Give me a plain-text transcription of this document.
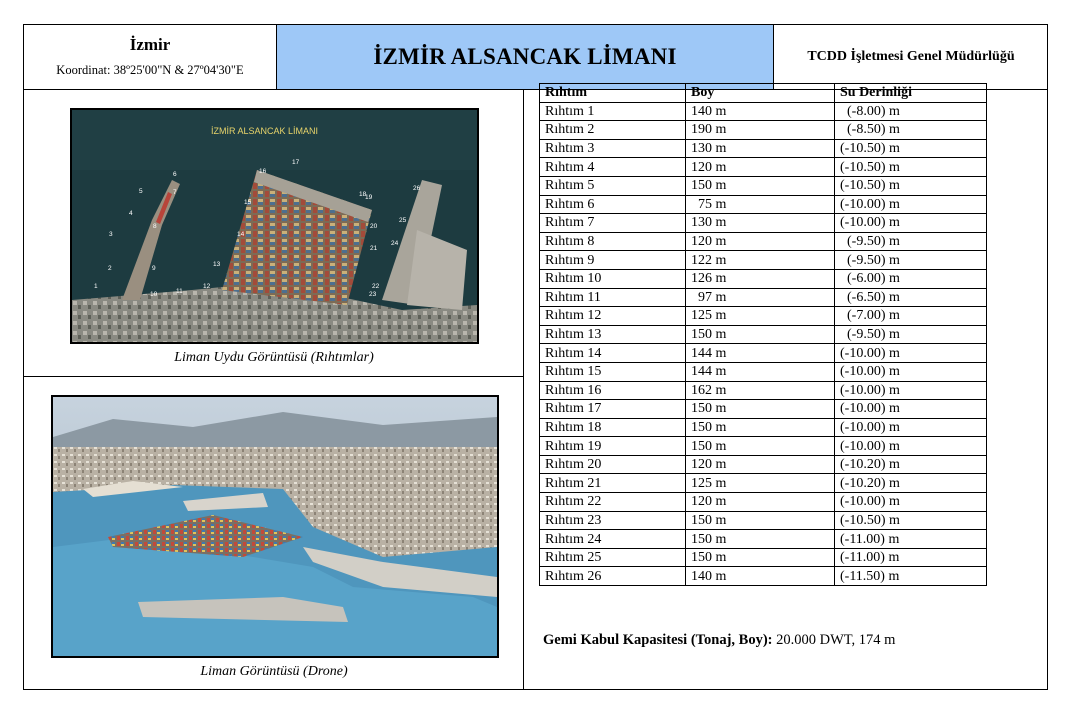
İzmir
Koordinat: 38º25'00"N & 27º04'30"E
İZMİR ALSANCAK LİMANI	TCDD İşletmesi Genel Müdürlüğü
İZMİR ALSANCAK LİMANI
1
2
3
4
5
6
7
8
9
10	11
12
13
14
15
16
17
18
19
20
21
22
23
24
25
26
Liman Uydu Görüntüsü (Rıhtımlar)
Liman Görüntüsü (Drone)
Gemi Kabul Kapasitesi (Tonaj, Boy): 20.000 DWT, 174 m
Rıhtım	Boy	Su Derinliği
Rıhtım 1	140 m	(-8.00) m
Rıhtım 2	190 m	(-8.50) m
Rıhtım 3	130 m	(-10.50) m
Rıhtım 4	120 m	(-10.50) m
Rıhtım 5	150 m	(-10.50) m
Rıhtım 6	75 m	(-10.00) m
Rıhtım 7	130 m	(-10.00) m
Rıhtım 8	120 m	(-9.50) m
Rıhtım 9	122 m	(-9.50) m
Rıhtım 10	126 m	(-6.00) m
Rıhtım 11	97 m	(-6.50) m
Rıhtım 12	125 m	(-7.00) m
Rıhtım 13	150 m	(-9.50) m
Rıhtım 14	144 m	(-10.00) m
Rıhtım 15	144 m	(-10.00) m
Rıhtım 16	162 m	(-10.00) m
Rıhtım 17	150 m	(-10.00) m
Rıhtım 18	150 m	(-10.00) m
Rıhtım 19	150 m	(-10.00) m
Rıhtım 20	120 m	(-10.20) m
Rıhtım 21	125 m	(-10.20) m
Rıhtım 22	120 m	(-10.00) m
Rıhtım 23	150 m	(-10.50) m
Rıhtım 24	150 m	(-11.00) m
Rıhtım 25	150 m	(-11.00) m
Rıhtım 26	140 m	(-11.50) m
